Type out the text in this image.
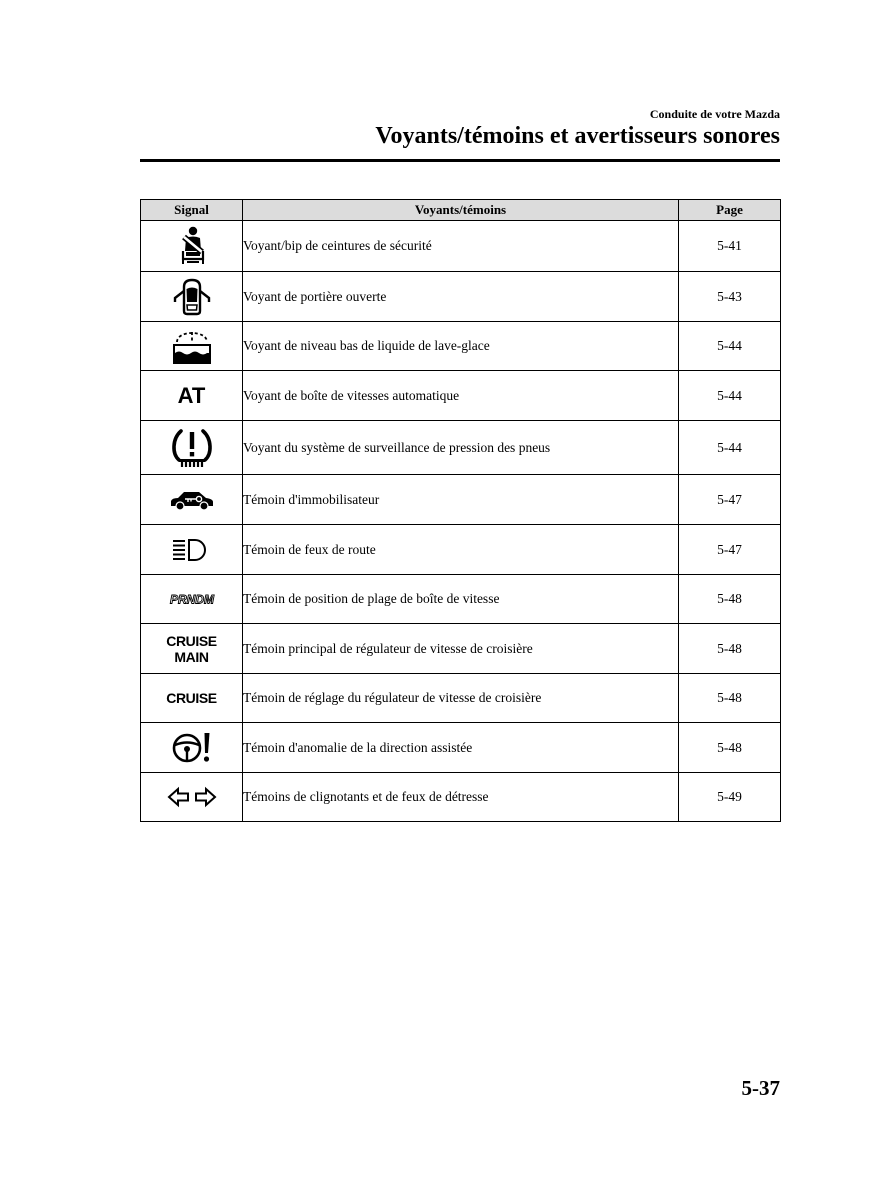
Conduite de votre Mazda
Voyants/témoins et avertisseurs sonores
Signal	Voyants/témoins	Page

	Voyant/bip de ceintures de sécurité	5-41

	Voyant de portière ouverte	5-43

	Voyant de niveau bas de liquide de lave-glace	5-44

AT	Voyant de boîte de vitesses automatique	5-44

	Voyant du système de surveillance de pression des pneus	5-44

	Témoin d'immobilisateur	5-47

	Témoin de feux de route	5-47

PRNDM	Témoin de position de plage de boîte de vitesse	5-48

CRUISE
MAIN	Témoin principal de régulateur de vitesse de croisière	5-48

CRUISE	Témoin de réglage du régulateur de vitesse de croisière	5-48

	Témoin d'anomalie de la direction assistée	5-48

	Témoins de clignotants et de feux de détresse	5-49
5-37
